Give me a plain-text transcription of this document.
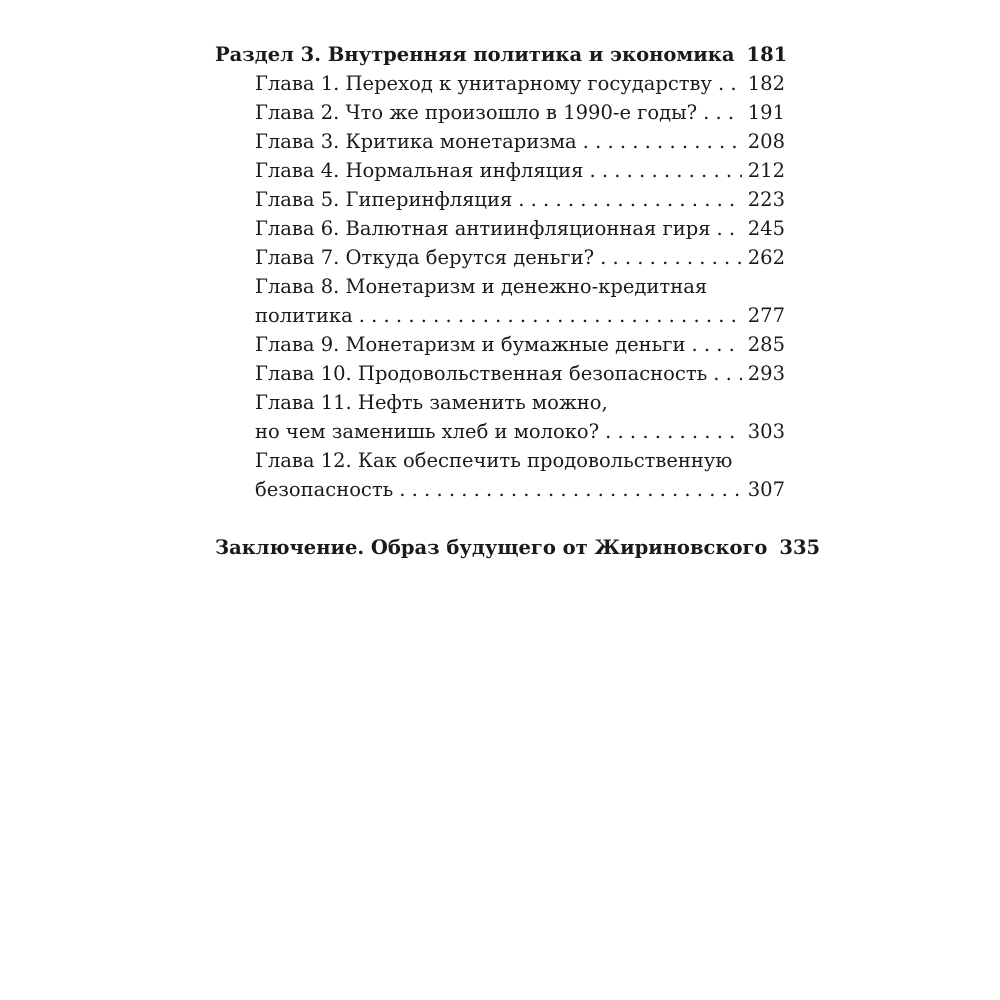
Раздел 3. Внутренняя политика и экономика 181
Глава 1. Переход к унитарному государству . . . 182
Глава 2. Что же произошло в 1990-е годы? . . .	191
Глава 3. Критика монетаризма . . .	208
Глава 4. Нормальная инфляция . . .	212
Глава 5. Гиперинфляция . . .	223
Глава 6. Валютная антиинфляционная гиря . . . 245
Глава 7. Откуда берутся деньги? . . .	262
Глава 8. Монетаризм и денежно-кредитная
политика . . .	277
Глава 9. Монетаризм и бумажные деньги . . .	285
Глава 10. Продовольственная безопасность . . . 293
Глава 11. Нефть заменить можно,
но чем заменишь хлеб и молоко? . . .	303
Глава 12. Как обеспечить продовольственную
безопасность . . .	307
Заключение. Образ будущего от Жириновского 335
